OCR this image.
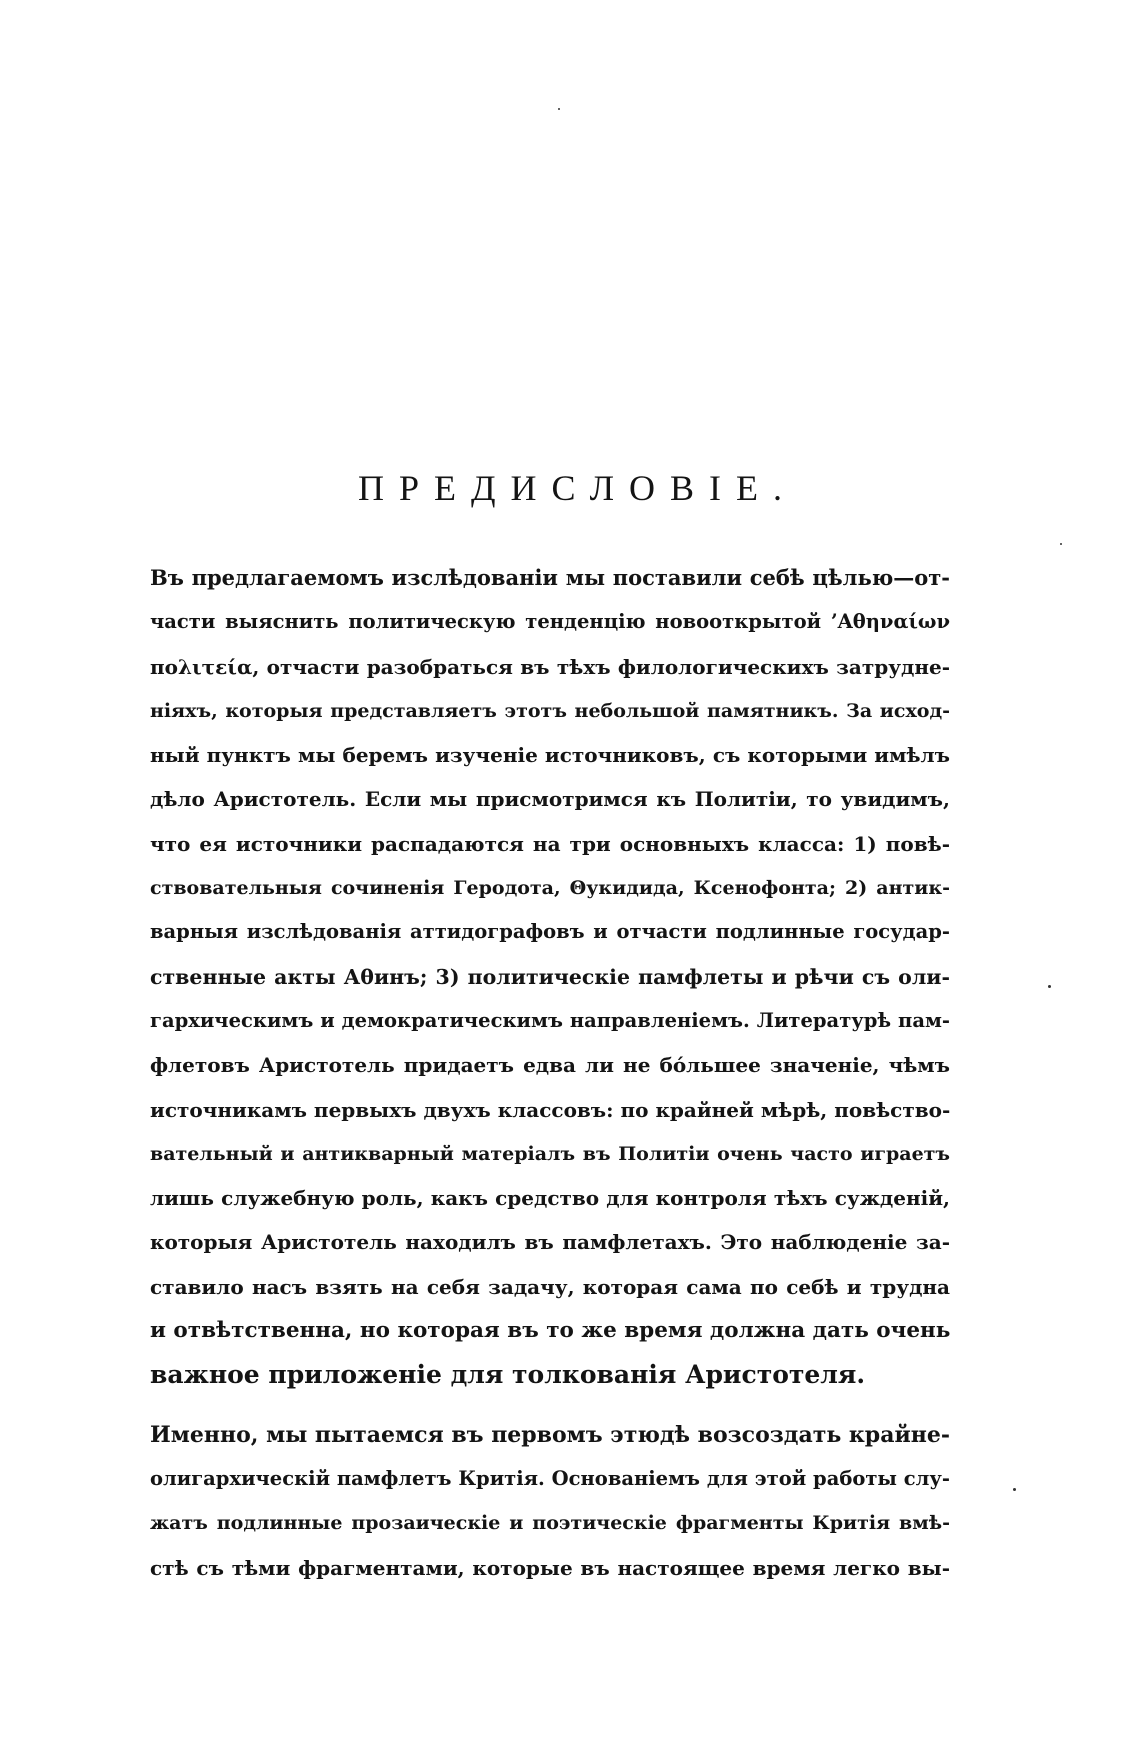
ПРЕДИСЛОВІЕ.
Въ предлагаемомъ изслѣдованіи мы поставили себѣ цѣлью—от-
части выяснить политическую тенденцію новооткрытой ’Αθηναίων
πολιτεία, отчасти разобраться въ тѣхъ филологическихъ затрудне-
ніяхъ, которыя представляетъ этотъ небольшой памятникъ. За исход-
ный пунктъ мы беремъ изученіе источниковъ, съ которыми имѣлъ
дѣло Аристотель. Если мы присмотримся къ Политіи, то увидимъ,
что ея источники распадаются на три основныхъ класса: 1) повѣ-
ствовательныя сочиненія Геродота, Θукидида, Ксенофонта; 2) антик-
варныя изслѣдованія аттидографовъ и отчасти подлинные государ-
ственные акты Аθинъ; 3) политическіе памфлеты и рѣчи съ оли-
гархическимъ и демократическимъ направленіемъ. Литературѣ пам-
флетовъ Аристотель придаетъ едва ли не бо́льшее значеніе, чѣмъ
источникамъ первыхъ двухъ классовъ: по крайней мѣрѣ, повѣство-
вательный и антикварный матеріалъ въ Политіи очень часто играетъ
лишь служебную роль, какъ средство для контроля тѣхъ сужденій,
которыя Аристотель находилъ въ памфлетахъ. Это наблюденіе за-
ставило насъ взять на себя задачу, которая сама по себѣ и трудна
и отвѣтственна, но которая въ то же время должна дать очень
важное приложеніе для толкованія Аристотеля.
Именно, мы пытаемся въ первомъ этюдѣ возсоздать крайне-
олигархическій памфлетъ Критія. Основаніемъ для этой работы слу-
жатъ подлинные прозаическіе и поэтическіе фрагменты Критія вмѣ-
стѣ съ тѣми фрагментами, которые въ настоящее время легко вы-
